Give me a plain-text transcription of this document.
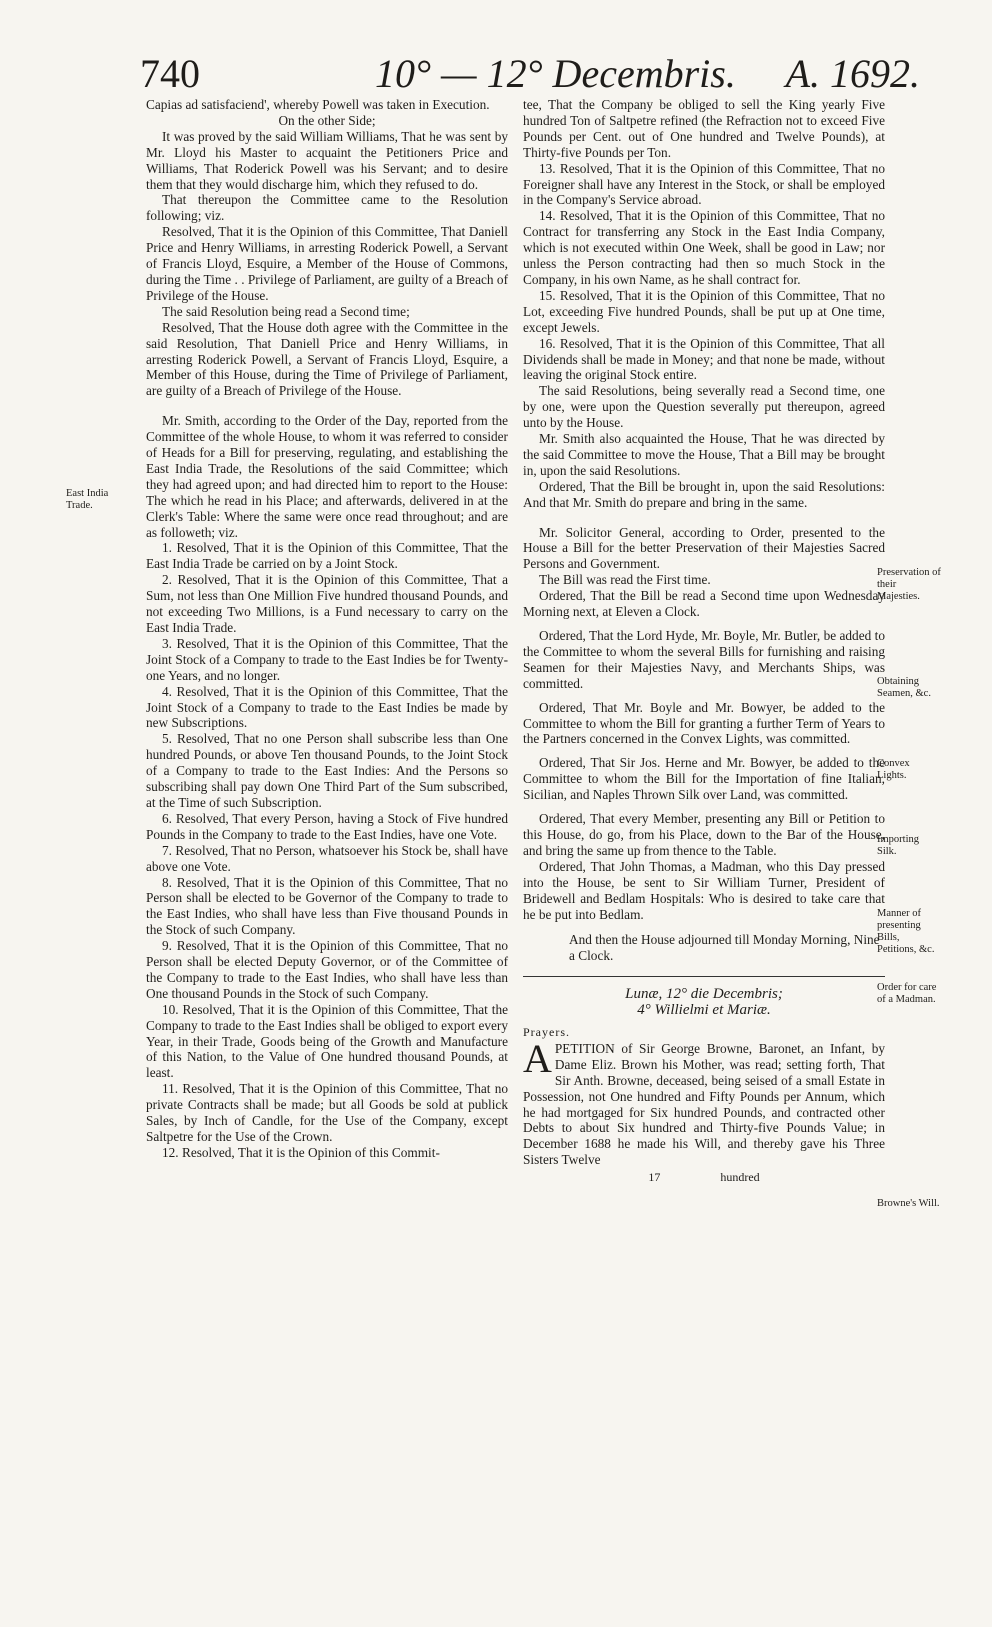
740	10° — 12° Decembris. A. 1692.

Capias ad satisfaciend', whereby Powell was taken in Execution.

On the other Side;

It was proved by the said William Williams, That he was sent by Mr. Lloyd his Master to acquaint the Petitioners Price and Williams, That Roderick Powell was his Servant; and to desire them that they would discharge him, which they refused to do.

That thereupon the Committee came to the Resolution following; viz.

Resolved, That it is the Opinion of this Committee, That Daniell Price and Henry Williams, in arresting Roderick Powell, a Servant of Francis Lloyd, Esquire, a Member of the House of Commons, during the Time . . Privilege of Parliament, are guilty of a Breach of Privilege of the House.

The said Resolution being read a Second time;

Resolved, That the House doth agree with the Committee in the said Resolution, That Daniell Price and Henry Williams, in arresting Roderick Powell, a Servant of Francis Lloyd, Esquire, a Member of this House, during the Time of Privilege of Parliament, are guilty of a Breach of Privilege of the House.

Mr. Smith, according to the Order of the Day, reported from the Committee of the whole House, to whom it was referred to consider of Heads for a Bill for preserving, regulating, and establishing the East India Trade, the Resolutions of the said Committee; which they had agreed upon; and had directed him to report to the House: The which he read in his Place; and afterwards, delivered in at the Clerk's Table: Where the same were once read throughout; and are as followeth; viz.

1. Resolved, That it is the Opinion of this Committee, That the East India Trade be carried on by a Joint Stock.

2. Resolved, That it is the Opinion of this Committee, That a Sum, not less than One Million Five hundred thousand Pounds, and not exceeding Two Millions, is a Fund necessary to carry on the East India Trade.

3. Resolved, That it is the Opinion of this Committee, That the Joint Stock of a Company to trade to the East Indies be for Twenty-one Years, and no longer.

4. Resolved, That it is the Opinion of this Committee, That the Joint Stock of a Company to trade to the East Indies be made by new Subscriptions.

5. Resolved, That no one Person shall subscribe less than One hundred Pounds, or above Ten thousand Pounds, to the Joint Stock of a Company to trade to the East Indies: And the Persons so subscribing shall pay down One Third Part of the Sum subscribed, at the Time of such Subscription.

6. Resolved, That every Person, having a Stock of Five hundred Pounds in the Company to trade to the East Indies, have one Vote.

7. Resolved, That no Person, whatsoever his Stock be, shall have above one Vote.

8. Resolved, That it is the Opinion of this Committee, That no Person shall be elected to be Governor of the Company to trade to the East Indies, who shall have less than Five thousand Pounds in the Stock of such Company.

9. Resolved, That it is the Opinion of this Committee, That no Person shall be elected Deputy Governor, or of the Committee of the Company to trade to the East Indies, who shall have less than One thousand Pounds in the Stock of such Company.

10. Resolved, That it is the Opinion of this Committee, That the Company to trade to the East Indies shall be obliged to export every Year, in their Trade, Goods being of the Growth and Manufacture of this Nation, to the Value of One hundred thousand Pounds, at least.

11. Resolved, That it is the Opinion of this Committee, That no private Contracts shall be made; but all Goods be sold at publick Sales, by Inch of Candle, for the Use of the Company, except Saltpetre for the Use of the Crown.

12. Resolved, That it is the Opinion of this Commit-

tee, That the Company be obliged to sell the King yearly Five hundred Ton of Saltpetre refined (the Refraction not to exceed Five Pounds per Cent. out of One hundred and Twelve Pounds), at Thirty-five Pounds per Ton.

13. Resolved, That it is the Opinion of this Committee, That no Foreigner shall have any Interest in the Stock, or shall be employed in the Company's Service abroad.

14. Resolved, That it is the Opinion of this Committee, That no Contract for transferring any Stock in the East India Company, which is not executed within One Week, shall be good in Law; nor unless the Person contracting had then so much Stock in the Company, in his own Name, as he shall contract for.

15. Resolved, That it is the Opinion of this Committee, That no Lot, exceeding Five hundred Pounds, shall be put up at One time, except Jewels.

16. Resolved, That it is the Opinion of this Committee, That all Dividends shall be made in Money; and that none be made, without leaving the original Stock entire.

The said Resolutions, being severally read a Second time, one by one, were upon the Question severally put thereupon, agreed unto by the House.

Mr. Smith also acquainted the House, That he was directed by the said Committee to move the House, That a Bill may be brought in, upon the said Resolutions.

Ordered, That the Bill be brought in, upon the said Resolutions: And that Mr. Smith do prepare and bring in the same.

Mr. Solicitor General, according to Order, presented to the House a Bill for the better Preservation of their Majesties Sacred Persons and Government.

The Bill was read the First time.

Ordered, That the Bill be read a Second time upon Wednesday Morning next, at Eleven a Clock.

Ordered, That the Lord Hyde, Mr. Boyle, Mr. Butler, be added to the Committee to whom the several Bills for furnishing and raising Seamen for their Majesties Navy, and Merchants Ships, was committed.

Ordered, That Mr. Boyle and Mr. Bowyer, be added to the Committee to whom the Bill for granting a further Term of Years to the Partners concerned in the Convex Lights, was committed.

Ordered, That Sir Jos. Herne and Mr. Bowyer, be added to the Committee to whom the Bill for the Importation of fine Italian, Sicilian, and Naples Thrown Silk over Land, was committed.

Ordered, That every Member, presenting any Bill or Petition to this House, do go, from his Place, down to the Bar of the House, and bring the same up from thence to the Table.

Ordered, That John Thomas, a Madman, who this Day pressed into the House, be sent to Sir William Turner, President of Bridewell and Bedlam Hospitals: Who is desired to take care that he be put into Bedlam.

And then the House adjourned till Monday Morning, Nine a Clock.

Lunæ, 12° die Decembris;

4° Willielmi et Mariæ.

Prayers.

APETITION of Sir George Browne, Baronet, an Infant, by Dame Eliz. Brown his Mother, was read; setting forth, That Sir Anth. Browne, deceased, being seised of a small Estate in Possession, not One hundred and Fifty Pounds per Annum, which he had mortgaged for Six hundred Pounds, and contracted other Debts to about Six hundred and Thirty-five Pounds Value; in December 1688 he made his Will, and thereby gave his Three Sisters Twelve

17	hundred

East India Trade.
Preservation of their Majesties.
Obtaining Seamen, &c.
Convex Lights.
Importing Silk.
Manner of presenting Bills, Petitions, &c.
Order for care of a Madman.
Browne's Will.
